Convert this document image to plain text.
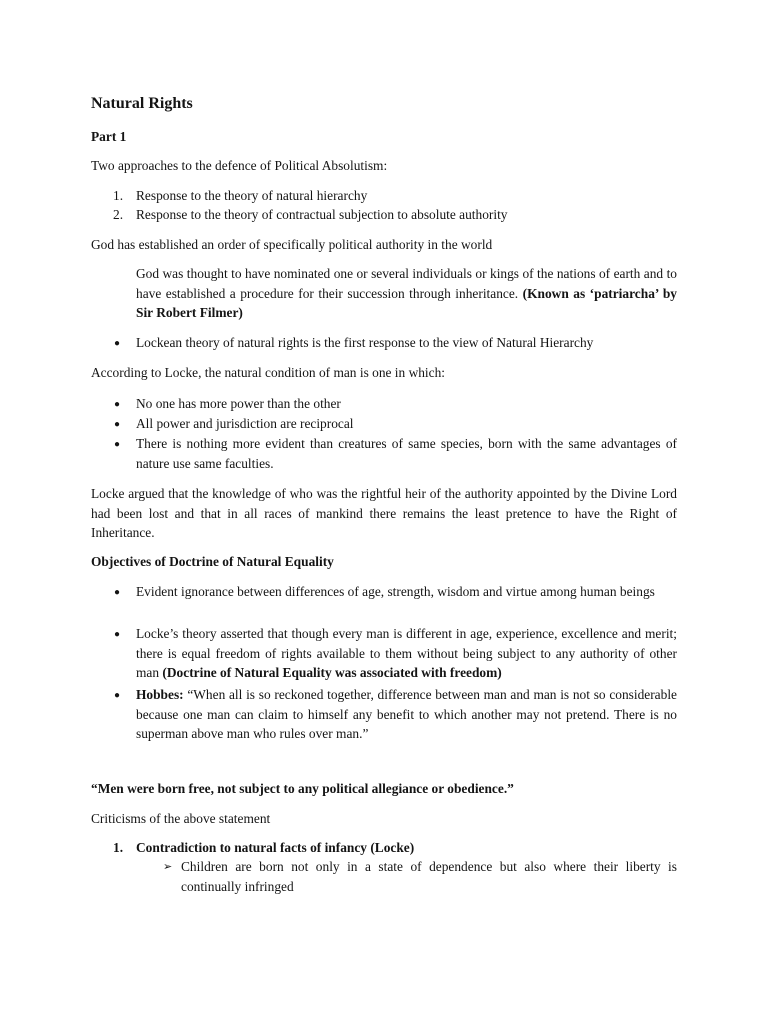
Natural Rights
Part 1
Two approaches to the defence of Political Absolutism:
1. Response to the theory of natural hierarchy
2. Response to the theory of contractual subjection to absolute authority
God has established an order of specifically political authority in the world
God was thought to have nominated one or several individuals or kings of the nations of earth and to have established a procedure for their succession through inheritance. (Known as ‘patriarcha’ by Sir Robert Filmer)
● Lockean theory of natural rights is the first response to the view of Natural Hierarchy
According to Locke, the natural condition of man is one in which:
● No one has more power than the other
● All power and jurisdiction are reciprocal
● There is nothing more evident than creatures of same species, born with the same advantages of nature use same faculties.
Locke argued that the knowledge of who was the rightful heir of the authority appointed by the Divine Lord had been lost and that in all races of mankind there remains the least pretence to have the Right of Inheritance.
Objectives of Doctrine of Natural Equality
● Evident ignorance between differences of age, strength, wisdom and virtue among human beings
● Locke’s theory asserted that though every man is different in age, experience, excellence and merit; there is equal freedom of rights available to them without being subject to any authority of other man (Doctrine of Natural Equality was associated with freedom)
● Hobbes: “When all is so reckoned together, difference between man and man is not so considerable because one man can claim to himself any benefit to which another may not pretend. There is no superman above man who rules over man.”
“Men were born free, not subject to any political allegiance or obedience.”
Criticisms of the above statement
1. Contradiction to natural facts of infancy (Locke)
➢ Children are born not only in a state of dependence but also where their liberty is continually infringed
